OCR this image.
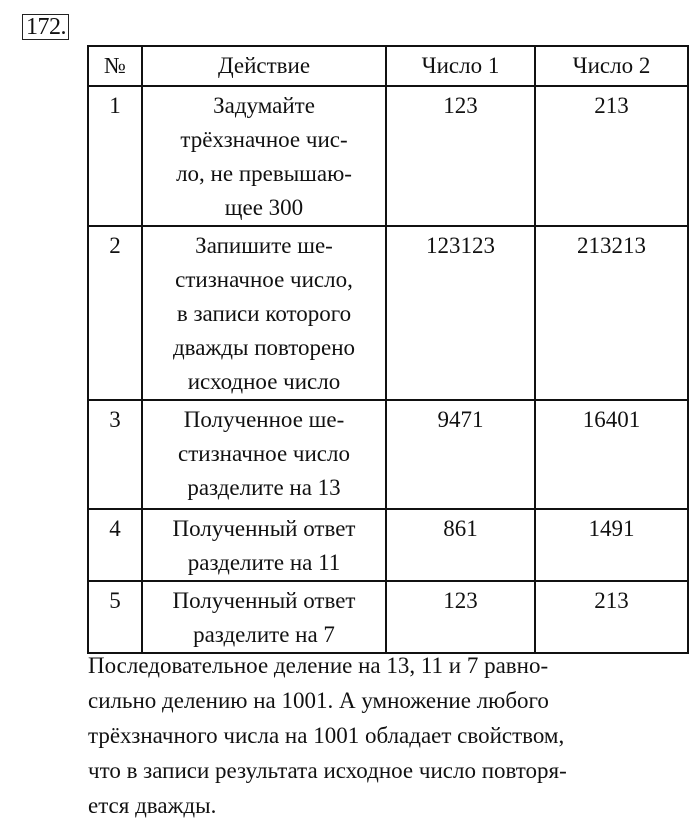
172.
№	Действие	Число 1	Число 2
1	Задумайте
трёхзначное чис-
ло, не превышаю-
щее 300	123	213
2	Запишите ше-
стизначное число,
в записи которого
дважды повторено
исходное число	123123	213213
3	Полученное ше-
стизначное число
разделите на 13	9471	16401
4	Полученный ответ
разделите на 11	861	1491
5	Полученный ответ
разделите на 7	123	213
Последовательное деление на 13, 11 и 7 равно-
сильно делению на 1001. А умножение любого
трёхзначного числа на 1001 обладает свойством,
что в записи результата исходное число повторя-
ется дважды.
